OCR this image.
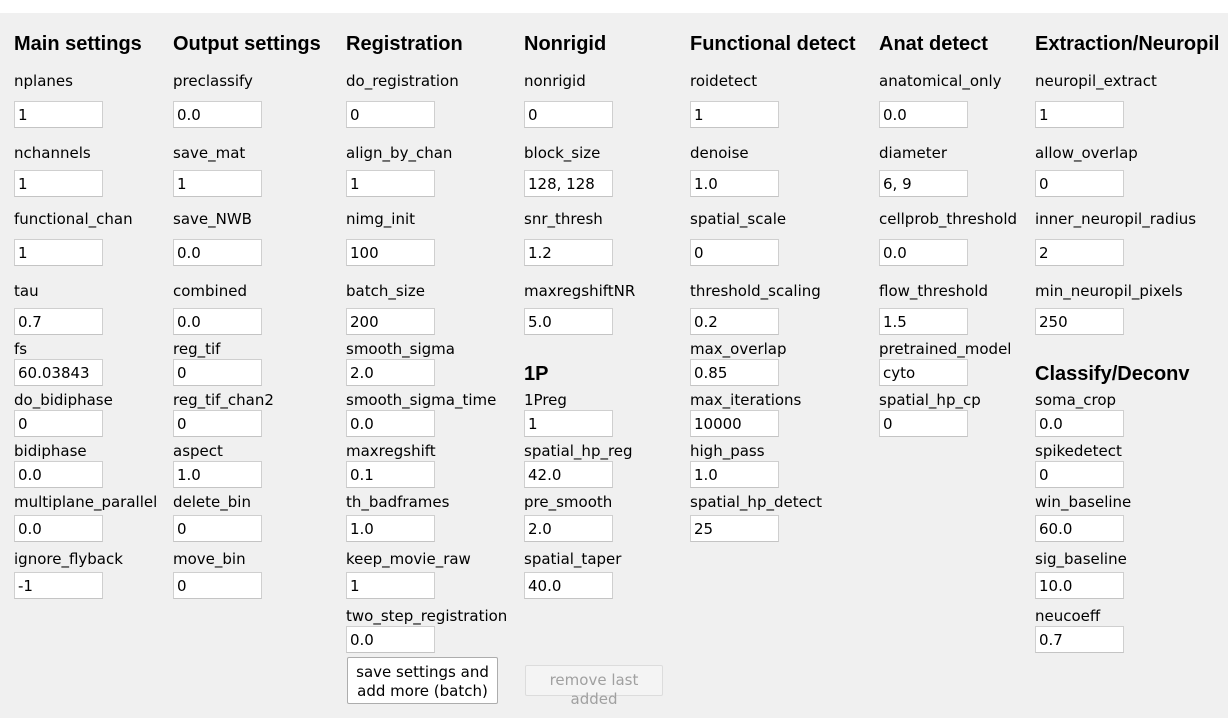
Main settings Output settings Registration	Nonrigid	Functional detect Anat detect Extraction/Neuropil
nplanes
1
nchannels
1
functional_chan
1
tau
0.7
fs
60.03843
do_bidiphase
0
bidiphase
0.0
multiplane_parallel
0.0
ignore_flyback
-1
preclassify
0.0
save_mat
1
save_NWB
0.0
combined
0.0
reg_tif
0
reg_tif_chan2
0
aspect
1.0
delete_bin
0
move_bin
0
do_registration
0
align_by_chan
1
nimg_init
100
batch_size
200
smooth_sigma
2.0
smooth_sigma_time
0.0
maxregshift
0.1
th_badframes
1.0
keep_movie_raw
1
two_step_registration
0.0
save settings and add more (batch)
nonrigid
0
block_size
128, 128
snr_thresh
1.2
maxregshiftNR
5.0
1P
1Preg
1
spatial_hp_reg
42.0
pre_smooth
2.0
spatial_taper
40.0
remove last added
roidetect
1
denoise
1.0
spatial_scale
0
threshold_scaling
0.2
max_overlap
0.85
max_iterations
10000
high_pass
1.0
spatial_hp_detect
25
anatomical_only
0.0
diameter
6, 9
cellprob_threshold
0.0
flow_threshold
1.5
pretrained_model
cyto
spatial_hp_cp
0
neuropil_extract
1
allow_overlap
0
inner_neuropil_radius
2
min_neuropil_pixels
250
Classify/Deconv
soma_crop
0.0
spikedetect
0
win_baseline
60.0
sig_baseline
10.0
neucoeff
0.7
